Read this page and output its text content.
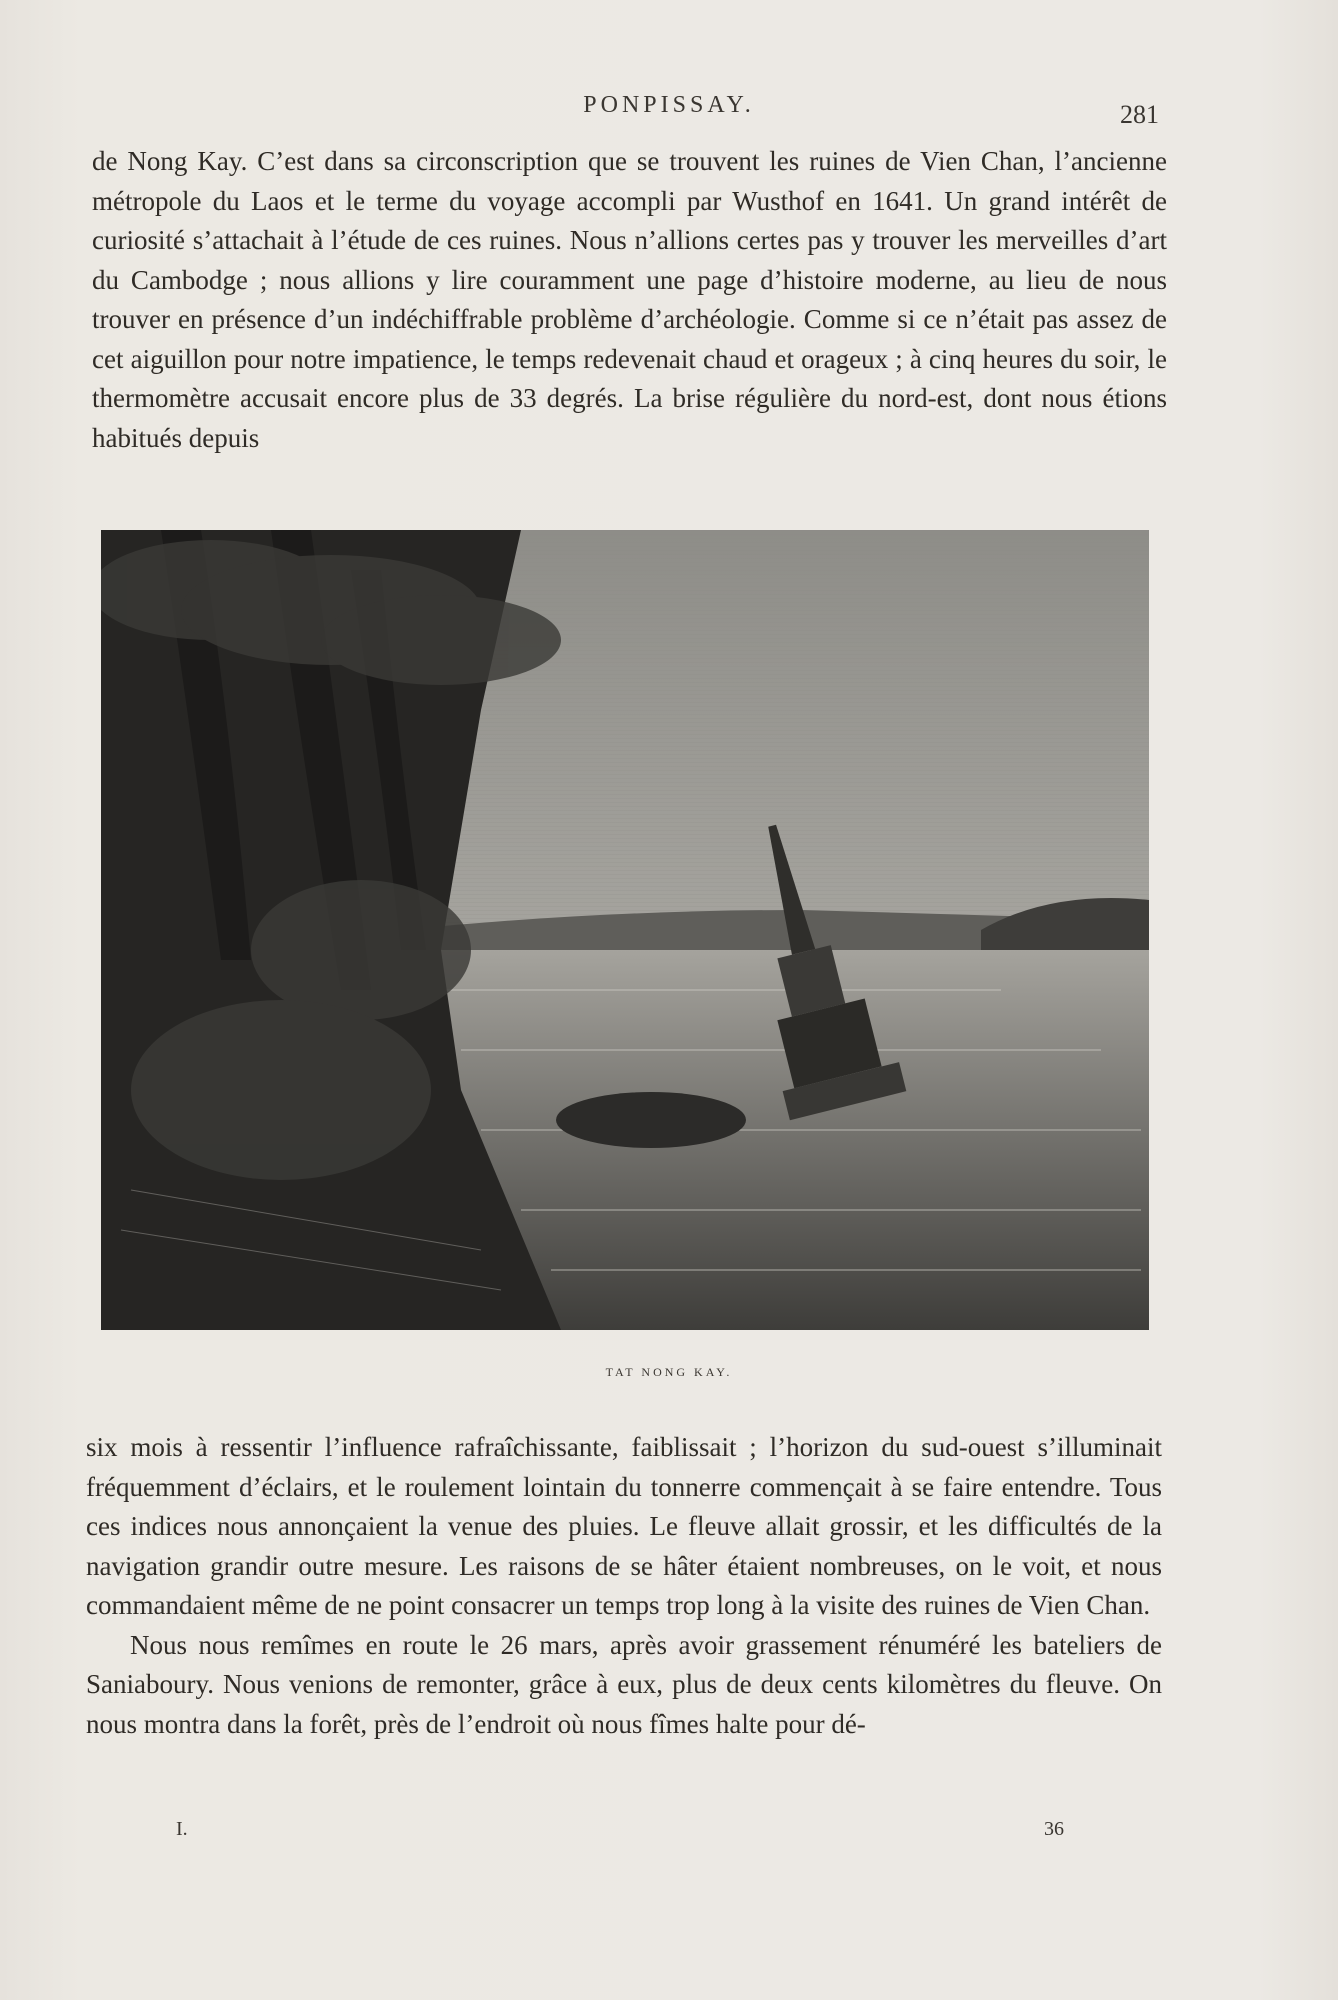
PONPISSAY.	281

de Nong Kay. C’est dans sa circonscription que se trouvent les ruines de Vien Chan, l’ancienne métropole du Laos et le terme du voyage accompli par Wusthof en 1641. Un grand intérêt de curiosité s’attachait à l’étude de ces ruines. Nous n’allions certes pas y trouver les merveilles d’art du Cambodge ; nous allions y lire couramment une page d’histoire moderne, au lieu de nous trouver en présence d’un indéchiffrable problème d’archéologie. Comme si ce n’était pas assez de cet aiguillon pour notre impatience, le temps redevenait chaud et orageux ; à cinq heures du soir, le thermomètre accusait encore plus de 33 degrés. La brise régulière du nord-est, dont nous étions habitués depuis

TAT NONG KAY.

six mois à ressentir l’influence rafraîchissante, faiblissait ; l’horizon du sud-ouest s’illuminait fréquemment d’éclairs, et le roulement lointain du tonnerre commençait à se faire entendre. Tous ces indices nous annonçaient la venue des pluies. Le fleuve allait grossir, et les difficultés de la navigation grandir outre mesure. Les raisons de se hâter étaient nombreuses, on le voit, et nous commandaient même de ne point consacrer un temps trop long à la visite des ruines de Vien Chan.

Nous nous remîmes en route le 26 mars, après avoir grassement rénuméré les bateliers de Saniaboury. Nous venions de remonter, grâce à eux, plus de deux cents kilomètres du fleuve. On nous montra dans la forêt, près de l’endroit où nous fîmes halte pour dé-

I.	36
